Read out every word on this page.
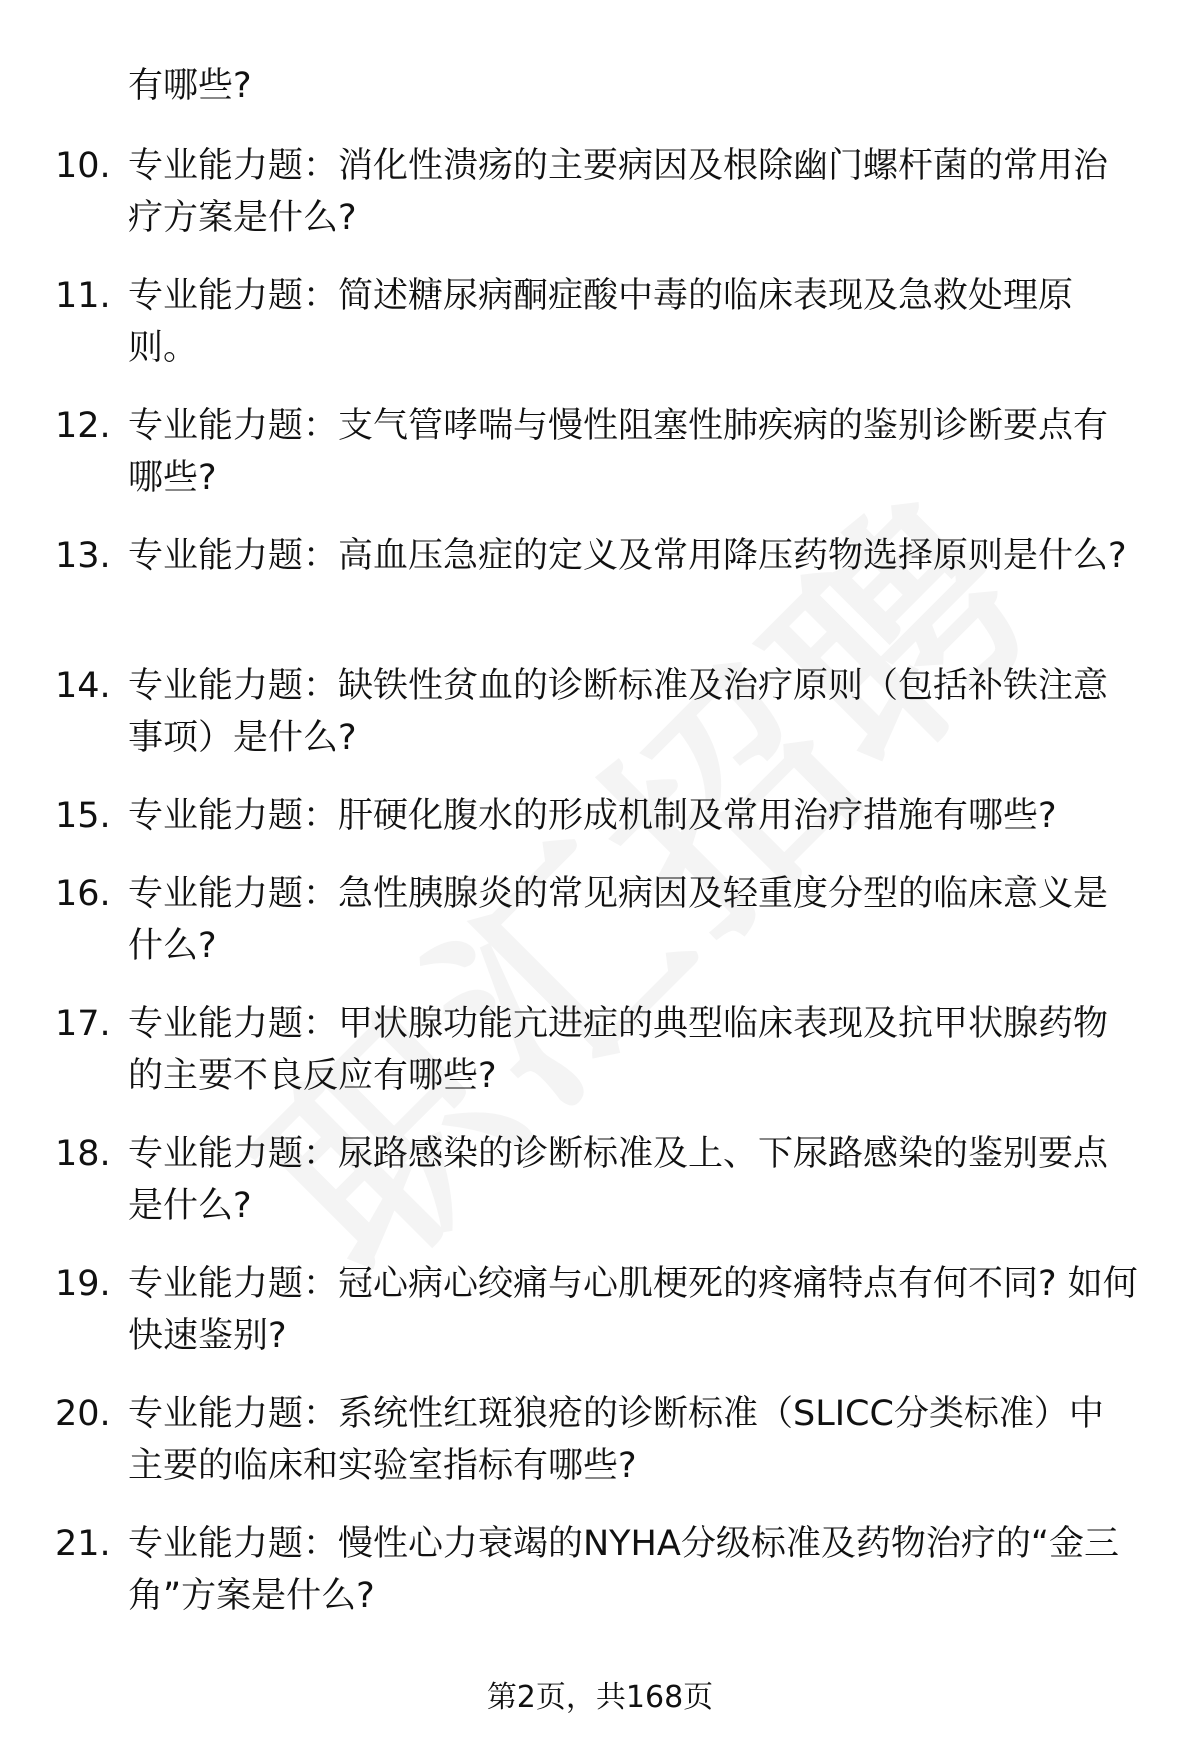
有哪些?
10. 专业能力题：消化性溃疡的主要病因及根除幽门螺杆菌的常用治疗方案是什么?
11. 专业能力题：简述糖尿病酮症酸中毒的临床表现及急救处理原则。
12. 专业能力题：支气管哮喘与慢性阻塞性肺疾病的鉴别诊断要点有哪些?
13. 专业能力题：高血压急症的定义及常用降压药物选择原则是什么?
14. 专业能力题：缺铁性贫血的诊断标准及治疗原则（包括补铁注意事项）是什么?
15. 专业能力题：肝硬化腹水的形成机制及常用治疗措施有哪些?
16. 专业能力题：急性胰腺炎的常见病因及轻重度分型的临床意义是什么?
17. 专业能力题：甲状腺功能亢进症的典型临床表现及抗甲状腺药物的主要不良反应有哪些?
18. 专业能力题：尿路感染的诊断标准及上、下尿路感染的鉴别要点是什么?
19. 专业能力题：冠心病心绞痛与心肌梗死的疼痛特点有何不同? 如何快速鉴别?
20. 专业能力题：系统性红斑狼疮的诊断标准（SLICC分类标准）中主要的临床和实验室指标有哪些?
21. 专业能力题：慢性心力衰竭的NYHA分级标准及药物治疗的“金三角”方案是什么?
第2页，共168页
